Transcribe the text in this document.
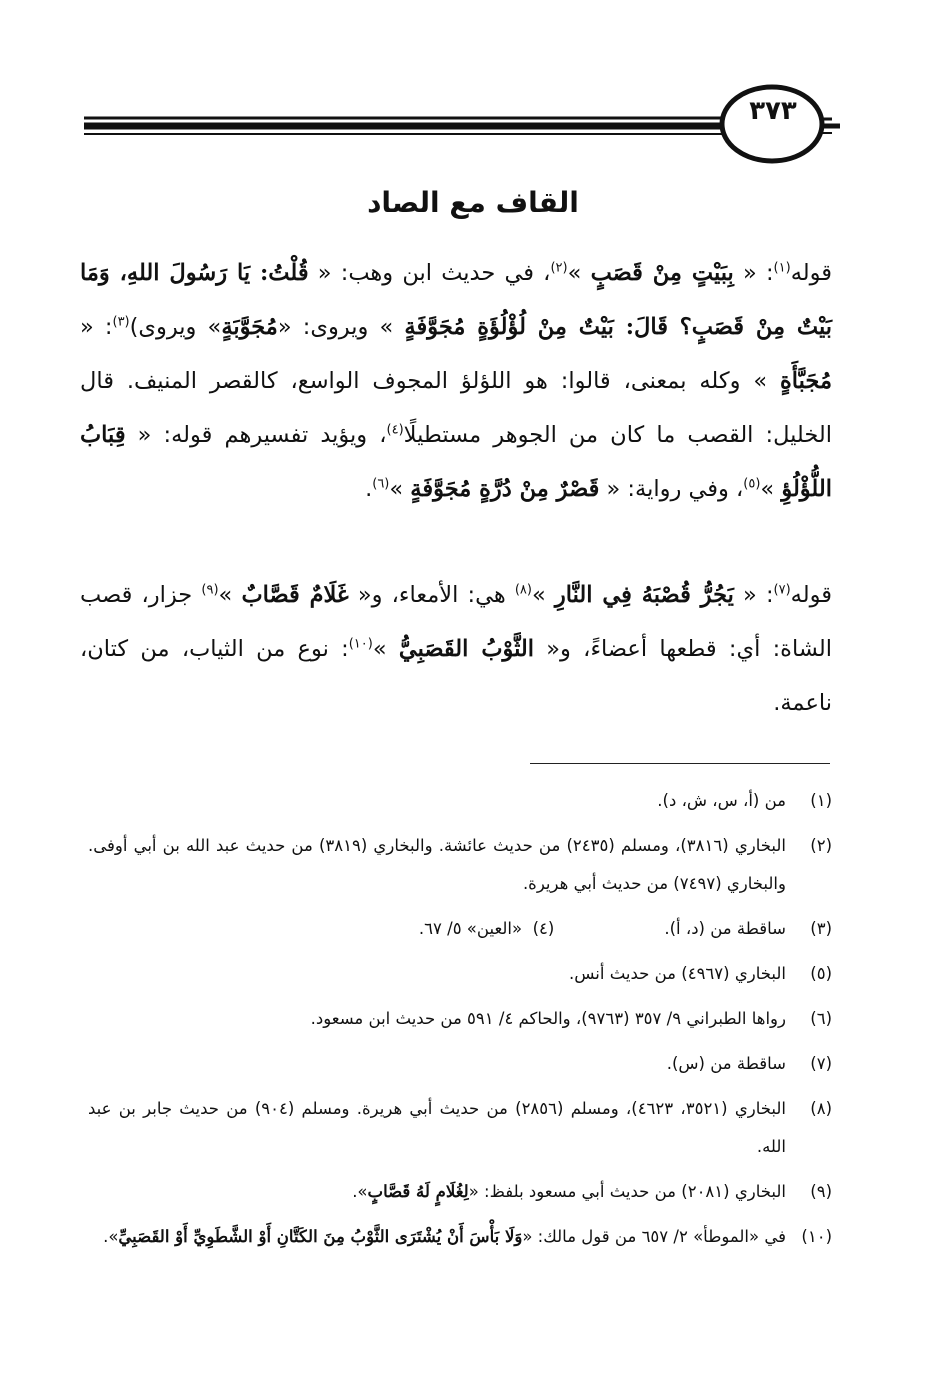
٣٧٣
القاف مع الصاد

قوله$^{(١)}$: « بِبَيْتٍ مِنْ قَصَبٍ »$^{(٢)}$، في حديث ابن وهب: « قُلْتُ: يَا رَسُولَ اللهِ، وَمَا بَيْتٌ مِنْ قَصَبٍ؟ قَالَ: بَيْتٌ مِنْ لُؤْلُؤَةٍ مُجَوَّفَةٍ » ويروى: «مُجَوَّبَةٍ» ويروى)$^{(٣)}$: « مُجَبَّأَةٍ » وكله بمعنى، قالوا: هو اللؤلؤ المجوف الواسع، كالقصر المنيف. قال الخليل: القصب ما كان من الجوهر مستطيلًا$^{(٤)}$، ويؤيد تفسيرهم قوله: « قِبَابُ اللُّؤْلُؤِ »$^{(٥)}$، وفي رواية: « قَصْرٌ مِنْ دُرَّةٍ مُجَوَّفَةٍ »$^{(٦)}$.

قوله$^{(٧)}$: « يَجُرُّ قُصْبَهُ فِي النَّارِ »$^{(٨)}$ هي: الأمعاء، و« غَلَامٌ قَصَّابٌ »$^{(٩)}$ جزار، قصب الشاة: أي: قطعها أعضاءً، و« الثَّوْبُ القَصَبِيُّ »$^{(١٠)}$: نوع من الثياب، من كتان، ناعمة.

(١)
من (أ، س، ش، د).
(٢)
البخاري (٣٨١٦)، ومسلم (٢٤٣٥) من حديث عائشة. والبخاري (٣٨١٩) من حديث عبد الله بن أبي أوفى. والبخاري (٧٤٩٧) من حديث أبي هريرة.
(٣)
ساقطة من (د، أ).(٤)  «العين» ٥/ ٦٧.
(٥)
البخاري (٤٩٦٧) من حديث أنس.
(٦)
رواها الطبراني ٩/ ٣٥٧ (٩٧٦٣)، والحاكم ٤/ ٥٩١ من حديث ابن مسعود.
(٧)
ساقطة من (س).
(٨)
البخاري (٣٥٢١، ٤٦٢٣)، ومسلم (٢٨٥٦) من حديث أبي هريرة. ومسلم (٩٠٤) من حديث جابر بن عبد الله.
(٩)
البخاري (٢٠٨١) من حديث أبي مسعود بلفظ: «لِغُلَامٍ لَهُ قَصَّابٍ».
(١٠)
في «الموطأ» ٢/ ٦٥٧ من قول مالك: «وَلَا بَأْسَ أَنْ يُشْتَرَى الثَّوْبُ مِنَ الكَتَّانِ أَوْ الشَّطَوِيِّ أَوْ القَصَبِيِّ».
